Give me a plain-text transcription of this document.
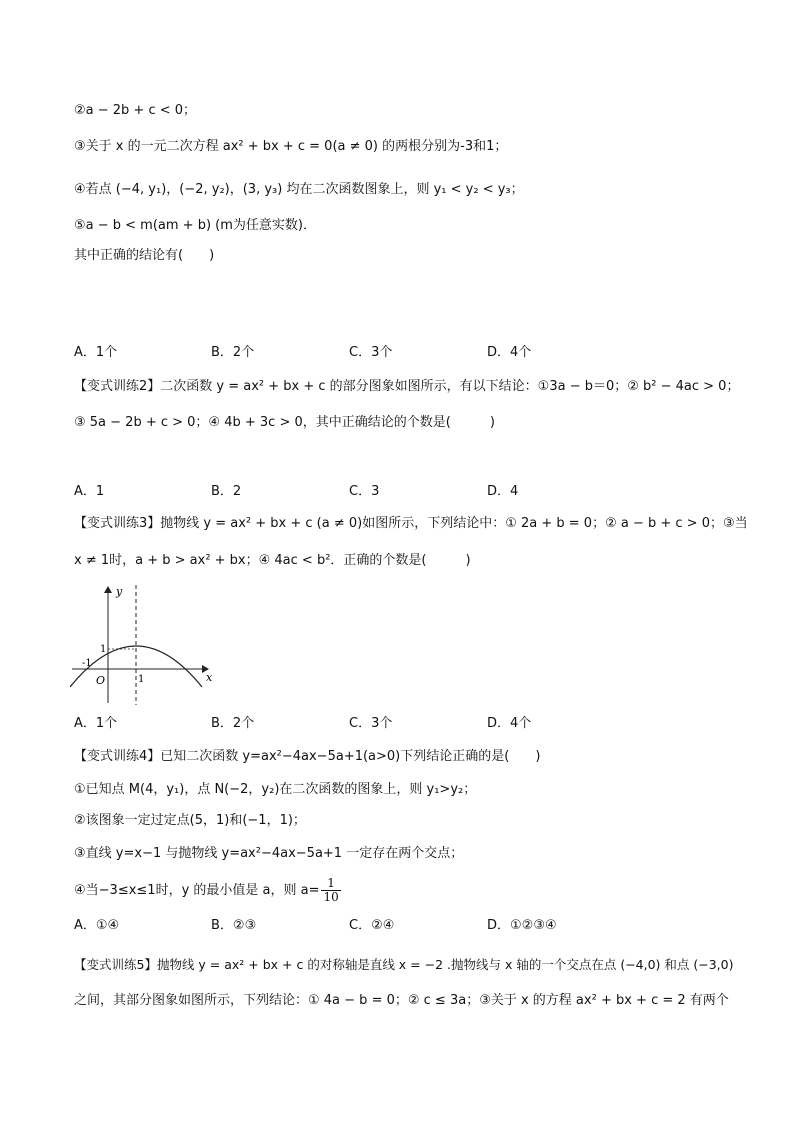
②a − 2b + c < 0；
③关于 x 的一元二次方程 ax² + bx + c = 0(a ≠ 0) 的两根分别为-3和1；
④若点 (−4, y₁)，(−2, y₂)，(3, y₃) 均在二次函数图象上，则 y₁ < y₂ < y₃；
⑤a − b < m(am + b) (m为任意实数)．
其中正确的结论有(　　)
A．1个	B．2个	C．3个	D．4个
【变式训练2】二次函数 y = ax² + bx + c 的部分图象如图所示，有以下结论：①3a − b＝0；② b² − 4ac > 0；
③ 5a − 2b + c > 0；④ 4b + 3c > 0，其中正确结论的个数是(　　　)
A．1	B．2	C．3	D．4
【变式训练3】抛物线 y = ax² + bx + c (a ≠ 0)如图所示，下列结论中：① 2a + b = 0；② a − b + c > 0；③当
x ≠ 1时，a + b > ax² + bx；④ 4ac < b²．正确的个数是(　　　)
y
x
O
-1
1
1
A．1个	B．2个	C．3个	D．4个
【变式训练4】已知二次函数 y=ax²−4ax−5a+1(a>0)下列结论正确的是(　　)
①已知点 M(4，y₁)，点 N(−2，y₂)在二次函数的图象上，则 y₁>y₂；
②该图象一定过定点(5，1)和(−1，1)；
③直线 y=x−1 与抛物线 y=ax²−4ax−5a+1 一定存在两个交点；
④当−3≤x≤1时，y 的最小值是 a，则 $a= \frac{1}{10}$
A．①④	B．②③	C．②④	D．①②③④
【变式训练5】抛物线 y = ax² + bx + c 的对称轴是直线 x = −2 .抛物线与 x 轴的一个交点在点 (−4,0) 和点 (−3,0)
之间，其部分图象如图所示，下列结论：① 4a − b = 0；② c ≤ 3a；③关于 x 的方程 ax² + bx + c = 2 有两个
